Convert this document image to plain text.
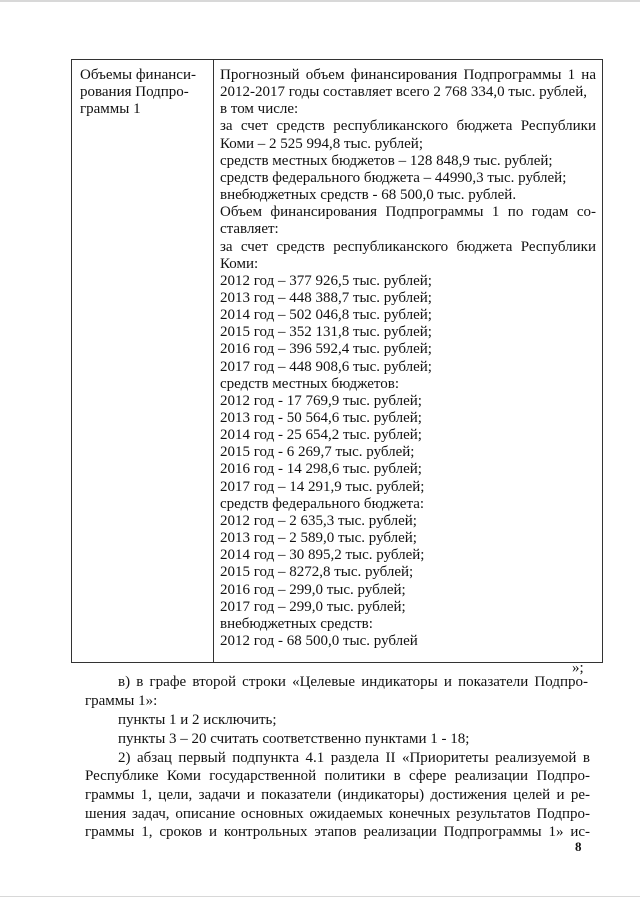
Объемы финанси-
рования Подпро-
граммы 1
Прогнозный объем финансирования Подпрограммы 1 на
2012-2017 годы составляет всего 2 768 334,0 тыс. рублей,
в том числе:
за счет средств республиканского бюджета Республики
Коми – 2 525 994,8 тыс. рублей;
средств местных бюджетов – 128 848,9 тыс. рублей;
средств федерального бюджета – 44990,3 тыс. рублей;
внебюджетных средств - 68 500,0 тыс. рублей.
Объем финансирования Подпрограммы 1 по годам со-
ставляет:
за счет средств республиканского бюджета Республики
Коми:
2012 год – 377 926,5 тыс. рублей;
2013 год – 448 388,7 тыс. рублей;
2014 год – 502 046,8 тыс. рублей;
2015 год – 352 131,8 тыс. рублей;
2016 год – 396 592,4 тыс. рублей;
2017 год – 448 908,6 тыс. рублей;
средств местных бюджетов:
2012 год - 17 769,9 тыс. рублей;
2013 год - 50 564,6 тыс. рублей;
2014 год - 25 654,2 тыс. рублей;
2015 год - 6 269,7 тыс. рублей;
2016 год - 14 298,6 тыс. рублей;
2017 год – 14 291,9 тыс. рублей;
средств федерального бюджета:
2012 год – 2 635,3 тыс. рублей;
2013 год – 2 589,0 тыс. рублей;
2014 год – 30 895,2 тыс. рублей;
2015 год – 8272,8 тыс. рублей;
2016 год – 299,0 тыс. рублей;
2017 год – 299,0 тыс. рублей;
внебюджетных средств:
2012 год - 68 500,0 тыс. рублей
»;
в) в графе второй строки «Целевые индикаторы и показатели Подпро-
граммы 1»:
пункты 1 и 2 исключить;
пункты 3 – 20 считать соответственно пунктами 1 - 18;
2) абзац первый подпункта 4.1 раздела II «Приоритеты реализуемой в
Республике Коми государственной политики в сфере реализации Подпро-
граммы 1, цели, задачи и показатели (индикаторы) достижения целей и ре-
шения задач, описание основных ожидаемых конечных результатов Подпро-
граммы 1, сроков и контрольных этапов реализации Подпрограммы 1» ис-
8
